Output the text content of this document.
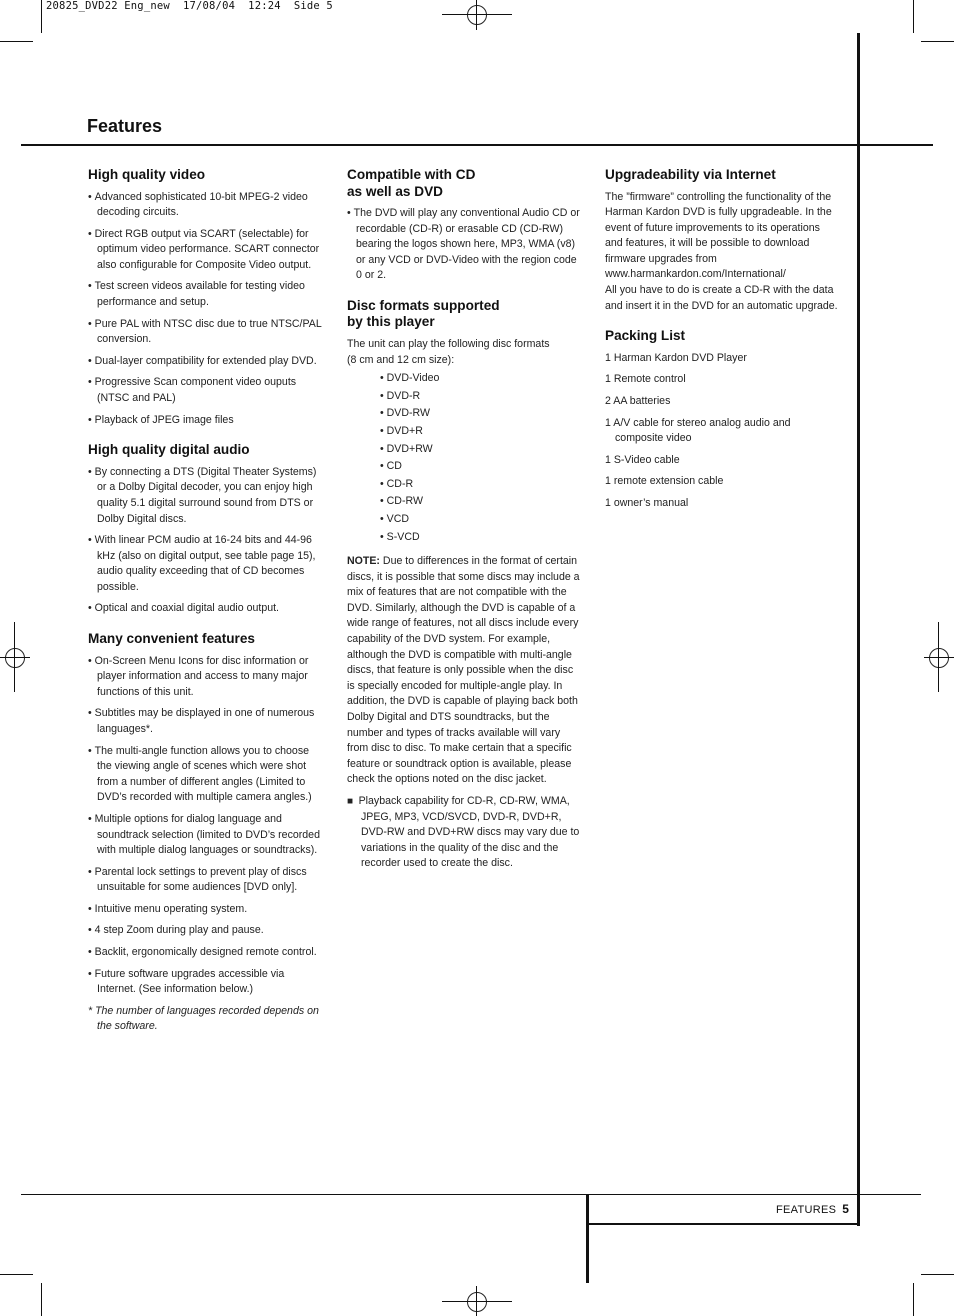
20825_DVD22 Eng_new  17/08/04  12:24  Side 5
Features
High quality video
• Advanced sophisticated 10-bit MPEG-2 video decoding circuits.
• Direct RGB output via SCART (selectable) for optimum video performance. SCART connector also configurable for Composite Video output.
• Test screen videos available for testing video performance and setup.
• Pure PAL with NTSC disc due to true NTSC/PAL conversion.
• Dual-layer compatibility for extended play DVD.
• Progressive Scan component video ouputs (NTSC and PAL)
• Playback of JPEG image files
High quality digital audio
• By connecting a DTS (Digital Theater Systems) or a Dolby Digital decoder, you can enjoy high quality 5.1 digital surround sound from DTS or Dolby Digital discs.
• With linear PCM audio at 16-24 bits and 44-96 kHz (also on digital output, see table page 15), audio quality exceeding that of CD becomes possible.
• Optical and coaxial digital audio output.
Many convenient features
• On-Screen Menu Icons for disc information or player information and access to many major functions of this unit.
• Subtitles may be displayed in one of numerous languages*.
• The multi-angle function allows you to choose the viewing angle of scenes which were shot from a number of different angles (Limited to DVD’s recorded with multiple camera angles.)
• Multiple options for dialog language and soundtrack selection (limited to DVD’s recorded with multiple dialog languages or soundtracks).
• Parental lock settings to prevent play of discs unsuitable for some audiences [DVD only].
• Intuitive menu operating system.
• 4 step Zoom during play and pause.
• Backlit, ergonomically designed remote control.
• Future software upgrades accessible via Internet. (See information below.)
* The number of languages recorded depends on the software.
Compatible with CD
as well as DVD
• The DVD will play any conventional Audio CD or recordable (CD-R) or erasable CD (CD-RW) bearing the logos shown here, MP3, WMA (v8) or any VCD or DVD-Video with the region code 0 or 2.
Disc formats supported
by this player

The unit can play the following disc formats
(8 cm and 12 cm size):

• DVD-Video
• DVD-R
• DVD-RW
• DVD+R
• DVD+RW
• CD
• CD-R
• CD-RW
• VCD
• S-VCD

NOTE: Due to differences in the format of certain discs, it is possible that some discs may include a mix of features that are not compatible with the DVD. Similarly, although the DVD is capable of a wide range of features, not all discs include every capability of the DVD system. For example, although the DVD is compatible with multi-angle discs, that feature is only possible when the disc is specially encoded for multiple-angle play. In addition, the DVD is capable of playing back both Dolby Digital and DTS soundtracks, but the number and types of tracks available will vary from disc to disc. To make certain that a specific feature or soundtrack option is available, please check the options noted on the disc jacket.

■  Playback capability for CD-R, CD-RW, WMA, JPEG, MP3, VCD/SVCD, DVD-R, DVD+R, DVD-RW and DVD+RW discs may vary due to variations in the quality of the disc and the recorder used to create the disc.
Upgradeability via Internet

The ”firmware” controlling the functionality of the Harman Kardon DVD is fully upgradeable. In the event of future improvements to its operations and features, it will be possible to download firmware upgrades from www.harmankardon.com/International/

All you have to do is create a CD-R with the data and insert it in the DVD for an automatic upgrade.

Packing List
1 Harman Kardon DVD Player
1 Remote control
2 AA batteries
1 A/V cable for stereo analog audio and composite video
1 S-Video cable
1 remote extension cable
1 owner’s manual
FEATURES 5
